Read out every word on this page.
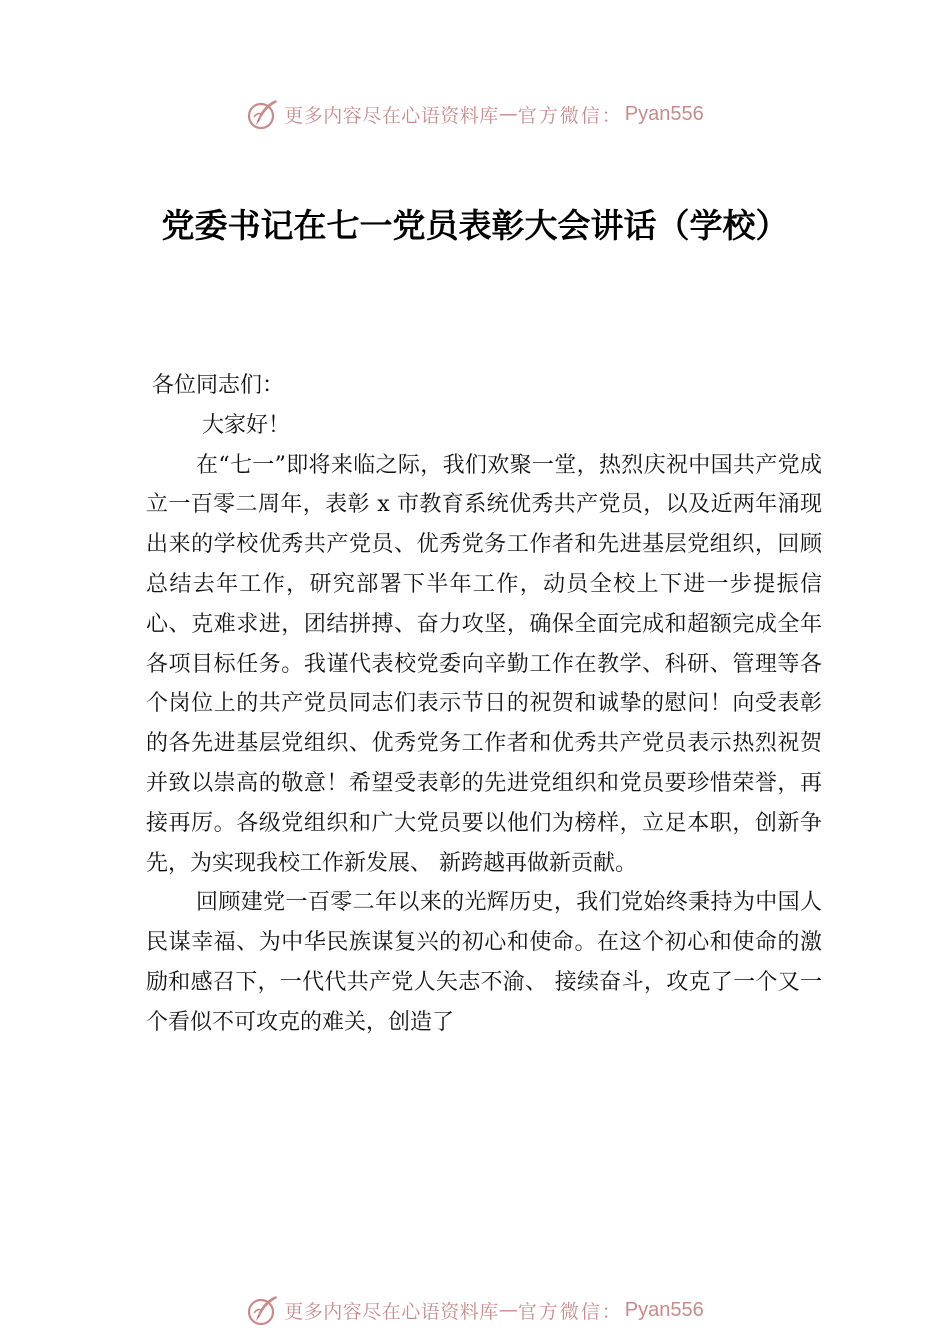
更多内容尽在心语资料库 — 官方微信： Pyan556
党委书记在七一党员表彰大会讲话（学校）

各位同志们：

大家好！

在“七一”即将来临之际，我们欢聚一堂，热烈庆祝中国共产党成立一百零二周年，表彰 x 市教育系统优秀共产党员，以及近两年涌现出来的学校优秀共产党员、优秀党务工作者和先进基层党组织，回顾总结去年工作，研究部署下半年工作，动员全校上下进一步提振信心、克难求进，团结拼搏、奋力攻坚，确保全面完成和超额完成全年各项目标任务。我谨代表校党委向辛勤工作在教学、科研、管理等各个岗位上的共产党员同志们表示节日的祝贺和诚挚的慰问！向受表彰的各先进基层党组织、优秀党务工作者和优秀共产党员表示热烈祝贺并致以崇高的敬意！希望受表彰的先进党组织和党员要珍惜荣誉，再接再厉。各级党组织和广大党员要以他们为榜样，立足本职，创新争先，为实现我校工作新发展、 新跨越再做新贡献。

回顾建党一百零二年以来的光辉历史，我们党始终秉持为中国人民谋幸福、为中华民族谋复兴的初心和使命。在这个初心和使命的激励和感召下，一代代共产党人矢志不渝、 接续奋斗，攻克了一个又一个看似不可攻克的难关，创造了

更多内容尽在心语资料库 — 官方微信： Pyan556
